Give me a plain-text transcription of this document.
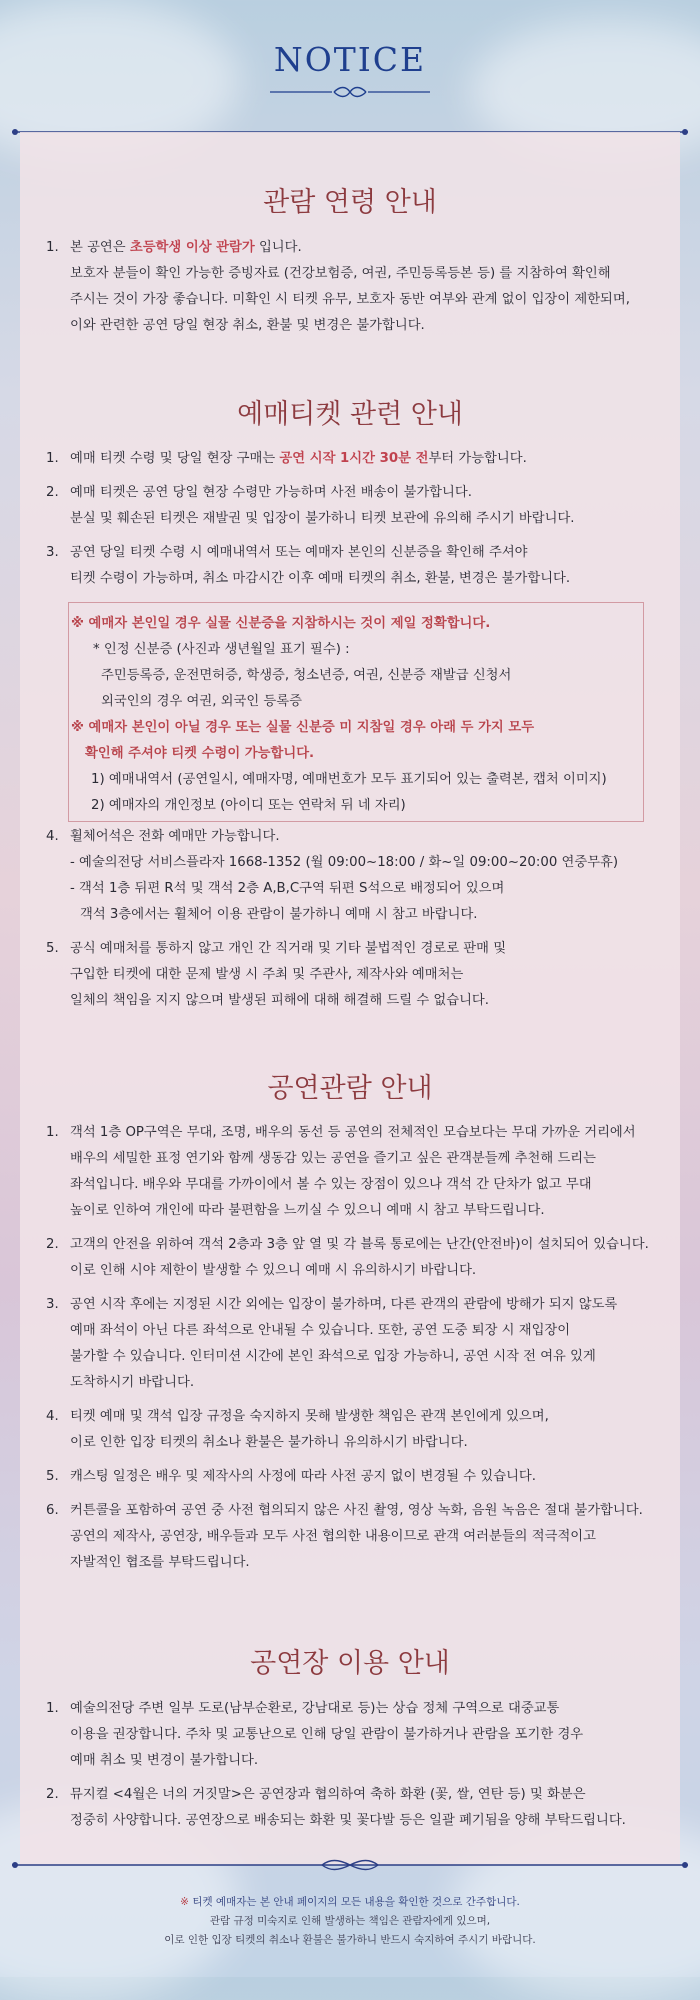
NOTICE
관람 연령 안내
1. 본 공연은 초등학생 이상 관람가 입니다.
보호자 분들이 확인 가능한 증빙자료 (건강보험증, 여권, 주민등록등본 등) 를 지참하여 확인해
주시는 것이 가장 좋습니다. 미확인 시 티켓 유무, 보호자 동반 여부와 관계 없이 입장이 제한되며,
이와 관련한 공연 당일 현장 취소, 환불 및 변경은 불가합니다.
예매티켓 관련 안내
1. 예매 티켓 수령 및 당일 현장 구매는 공연 시작 1시간 30분 전부터 가능합니다.
2. 예매 티켓은 공연 당일 현장 수령만 가능하며 사전 배송이 불가합니다.
분실 및 훼손된 티켓은 재발권 및 입장이 불가하니 티켓 보관에 유의해 주시기 바랍니다.
3. 공연 당일 티켓 수령 시 예매내역서 또는 예매자 본인의 신분증을 확인해 주셔야
티켓 수령이 가능하며, 취소 마감시간 이후 예매 티켓의 취소, 환불, 변경은 불가합니다.
※ 예매자 본인일 경우 실물 신분증을 지참하시는 것이 제일 정확합니다.
* 인정 신분증 (사진과 생년월일 표기 필수) :
주민등록증, 운전면허증, 학생증, 청소년증, 여권, 신분증 재발급 신청서
외국인의 경우 여권, 외국인 등록증
※ 예매자 본인이 아닐 경우 또는 실물 신분증 미 지참일 경우 아래 두 가지 모두
확인해 주셔야 티켓 수령이 가능합니다.
1) 예매내역서 (공연일시, 예매자명, 예매번호가 모두 표기되어 있는 출력본, 캡처 이미지)
2) 예매자의 개인정보 (아이디 또는 연락처 뒤 네 자리)
4. 휠체어석은 전화 예매만 가능합니다.
- 예술의전당 서비스플라자 1668-1352 (월 09:00~18:00 / 화~일 09:00~20:00 연중무휴)
- 객석 1층 뒤편 R석 및 객석 2층 A,B,C구역 뒤편 S석으로 배정되어 있으며
객석 3층에서는 휠체어 이용 관람이 불가하니 예매 시 참고 바랍니다.
5. 공식 예매처를 통하지 않고 개인 간 직거래 및 기타 불법적인 경로로 판매 및
구입한 티켓에 대한 문제 발생 시 주최 및 주관사, 제작사와 예매처는
일체의 책임을 지지 않으며 발생된 피해에 대해 해결해 드릴 수 없습니다.
공연관람 안내
1. 객석 1층 OP구역은 무대, 조명, 배우의 동선 등 공연의 전체적인 모습보다는 무대 가까운 거리에서
배우의 세밀한 표정 연기와 함께 생동감 있는 공연을 즐기고 싶은 관객분들께 추천해 드리는
좌석입니다. 배우와 무대를 가까이에서 볼 수 있는 장점이 있으나 객석 간 단차가 없고 무대
높이로 인하여 개인에 따라 불편함을 느끼실 수 있으니 예매 시 참고 부탁드립니다.
2. 고객의 안전을 위하여 객석 2층과 3층 앞 열 및 각 블록 통로에는 난간(안전바)이 설치되어 있습니다.
이로 인해 시야 제한이 발생할 수 있으니 예매 시 유의하시기 바랍니다.
3. 공연 시작 후에는 지정된 시간 외에는 입장이 불가하며, 다른 관객의 관람에 방해가 되지 않도록
예매 좌석이 아닌 다른 좌석으로 안내될 수 있습니다. 또한, 공연 도중 퇴장 시 재입장이
불가할 수 있습니다. 인터미션 시간에 본인 좌석으로 입장 가능하니, 공연 시작 전 여유 있게
도착하시기 바랍니다.
4. 티켓 예매 및 객석 입장 규정을 숙지하지 못해 발생한 책임은 관객 본인에게 있으며,
이로 인한 입장 티켓의 취소나 환불은 불가하니 유의하시기 바랍니다.
5. 캐스팅 일정은 배우 및 제작사의 사정에 따라 사전 공지 없이 변경될 수 있습니다.
6. 커튼콜을 포함하여 공연 중 사전 협의되지 않은 사진 촬영, 영상 녹화, 음원 녹음은 절대 불가합니다.
공연의 제작사, 공연장, 배우들과 모두 사전 협의한 내용이므로 관객 여러분들의 적극적이고
자발적인 협조를 부탁드립니다.
공연장 이용 안내
1. 예술의전당 주변 일부 도로(남부순환로, 강남대로 등)는 상습 정체 구역으로 대중교통
이용을 권장합니다. 주차 및 교통난으로 인해 당일 관람이 불가하거나 관람을 포기한 경우
예매 취소 및 변경이 불가합니다.
2. 뮤지컬 <4월은 너의 거짓말>은 공연장과 협의하여 축하 화환 (꽃, 쌀, 연탄 등) 및 화분은
정중히 사양합니다. 공연장으로 배송되는 화환 및 꽃다발 등은 일괄 폐기됨을 양해 부탁드립니다.
※ 티켓 예매자는 본 안내 페이지의 모든 내용을 확인한 것으로 간주합니다.
관람 규정 미숙지로 인해 발생하는 책임은 관람자에게 있으며,
이로 인한 입장 티켓의 취소나 환불은 불가하니 반드시 숙지하여 주시기 바랍니다.
